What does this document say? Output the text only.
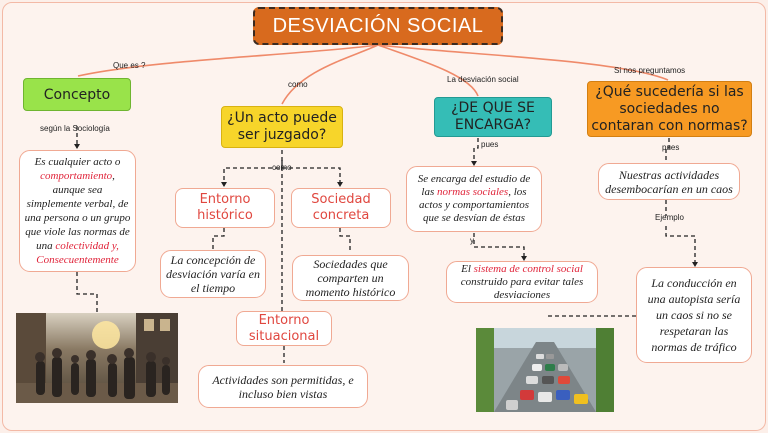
DESVIACIÓN SOCIAL
Que es ?
como
La desviación social
Si nos preguntamos
según la Sociología
como
pues	pues
y
Ejemplo
Concepto
¿Un acto puede ser juzgado?
¿DE QUE SE ENCARGA?
¿Qué sucedería si las sociedades no contaran con normas?
Es cualquier acto o comportamiento, aunque sea simplemente verbal, de una persona o un grupo que viole las normas de una colectividad y, Consecuentemente
Entorno histórico
Sociedad concreta
La concepción de desviación varía en el tiempo
Sociedades que comparten un momento histórico
Entorno situacional
Actividades son permitidas, e incluso bien vistas
Se encarga del estudio de las normas sociales, los actos y comportamientos que se desvían de éstas
El sistema de control social construido para evitar tales desviaciones
Nuestras actividades desembocarían en un caos
La conducción en una autopista sería un caos si no se respetaran las normas de tráfico
